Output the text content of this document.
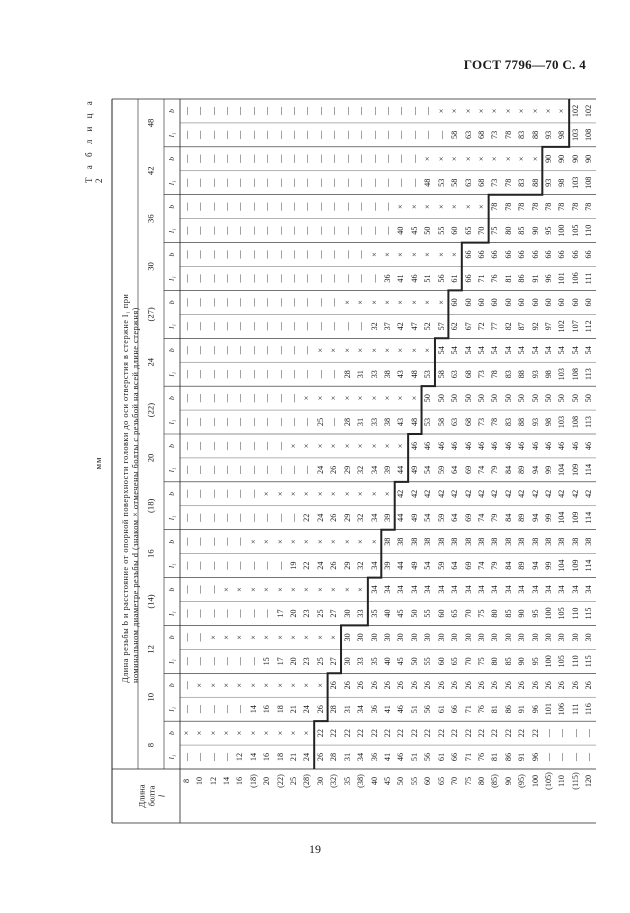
ГОСТ 7796—70 С. 4
Т а б л и ц а 2
мм Длина резьбы b и расстояние от опорной поверхности головки до оси отверстия в стержне l₁ при номинальном диаметре резьбы d (знаком × отмечены болты с резьбой на всей длине стержня)
Длина болта l
8
10
12
(14)
16
(18)
20
(22)
24
(27)
30
36
42
48
l₁
b
l₁
b
l₁
b
l₁
b
l₁
b
l₁
b
l₁
b
l₁
b
l₁
b
l₁
b
l₁
b
l₁
b
l₁
b
l₁
b
8 10 12 14 16 (18) 20 (22) 25 (28) 30 (32) 35 (38) 40 45 50 55 60 65 70 75 80 (85) 90 (95) 100 (105) 110 (115) 120
—
×
—
—
—
—
—
—
—
—
—
—
—
—
—
—
—
—
—
—
—
—
—
—
—
—
—
—
—
×
—
×
—
—
—
—
—
—
—
—
—
—
—
—
—
—
—
—
—
—
—
—
—
—
—
—
—
×
—
×
—
×
—
—
—
—
—
—
—
—
—
—
—
—
—
—
—
—
—
—
—
—
—
—
—
×
—
×
—
×
—
×
—
—
—
—
—
—
—
—
—
—
—
—
—
—
—
—
—
—
—
—
12
×
—
×
—
×
—
×
—
—
—
—
—
—
—
—
—
—
—
—
—
—
—
—
—
—
—
—
14
×
14
×
—
×
—
×
—
×
—
—
—
—
—
—
—
—
—
—
—
—
—
—
—
—
—
—
16
×
16
×
15
×
—
×
—
×
—
×
—
—
—
—
—
—
—
—
—
—
—
—
—
—
—
—
18
×
18
×
17
×
17
×
—
×
—
×
—
—
—
—
—
—
—
—
—
—
—
—
—
—
—
—
21
×
21
×
20
×
20
×
19
×
—
×
—
×
—
—
—
—
—
—
—
—
—
—
—
—
—
—
24
×
24
×
23
×
23
×
22
×
22
×
—
×
—
×
—
—
—
—
—
—
—
—
—
—
—
—
26
22
26
×
25
×
25
×
24
×
24
×
24
×
25
×
—
×
—
—
—
—
—
—
—
—
—
—
28
22
28
26
27
×
27
×
26
×
26
×
26
×
—
×
—
×
—
—
—
—
—
—
—
—
—
—
31
22
31
26
30
30
30
×
29
×
29
×
29
×
28
×
28
×
—
×
—
—
—
—
—
—
—
—
34
22
34
26
33
30
33
×
32
×
32
×
32
×
31
×
31
×
—
×
—
—
—
—
—
—
—
—
36
22
36
26
35
30
35
34
34
×
34
×
34
×
33
×
33
×
32
×
—
×
—
—
—
—
—
—
41
22
41
26
40
30
40
34
39
38
39
×
39
×
38
×
38
×
37
×
36
×
—
—
—
—
—
—
46
22
46
26
45
30
45
34
44
38
44
42
44
×
43
×
43
×
42
×
41
×
40
×
—
—
—
—
51
22
51
26
50
30
50
34
49
38
49
42
49
46
48
×
48
×
47
×
46
×
45
×
—
—
—
—
56
22
56
26
55
30
55
34
54
38
54
42
54
46
53
50
53
×
52
×
51
×
50
×
48
×
—
—
61
22
61
26
60
30
60
34
59
38
59
42
59
46
58
50
58
54
57
×
56
×
55
×
53
×
—
×
66
22
66
26
65
30
65
34
64
38
64
42
64
46
63
50
63
54
62
60
61
×
60
×
58
×
58
×
71
22
71
26
70
30
70
34
69
38
69
42
69
46
68
50
68
54
67
60
66
66
65
×
63
×
63
×
76
22
76
26
75
30
75
34
74
38
74
42
74
46
73
50
73
54
72
60
71
66
70
×
68
×
68
×
81
22
81
26
80
30
80
34
79
38
79
42
79
46
78
50
78
54
77
60
76
66
75
78
73
×
73
×
86
22
86
26
85
30
85
34
84
38
84
42
84
46
83
50
83
54
82
60
81
66
80
78
78
×
78
×
91
22
91
26
90
30
90
34
89
38
89
42
89
46
88
50
88
54
87
60
86
66
85
78
83
×
83
×
96
22
96
26
95
30
95
34
94
38
94
42
94
46
93
50
93
54
92
60
91
66
90
78
88
×
88
×
—
—
101
26
100
30
100
34
99
38
99
42
99
46
98
50
98
54
97
60
96
66
95
78
93
90
93
×
—
—
106
26
105
30
105
34
104
38
104
42
104
46
103
50
103
54
102
60
101
66
100
78
98
90
98
×
—
—
111
26
110
30
110
34
109
38
109
42
109
46
108
50
108
54
107
60
106
66
105
78
103
90
103
102
—
—
116
26
115
30
115
34
114
38
114
42
114
46
113
50
113
54
112
60
111
66
110
78
108
90
108
102
19
